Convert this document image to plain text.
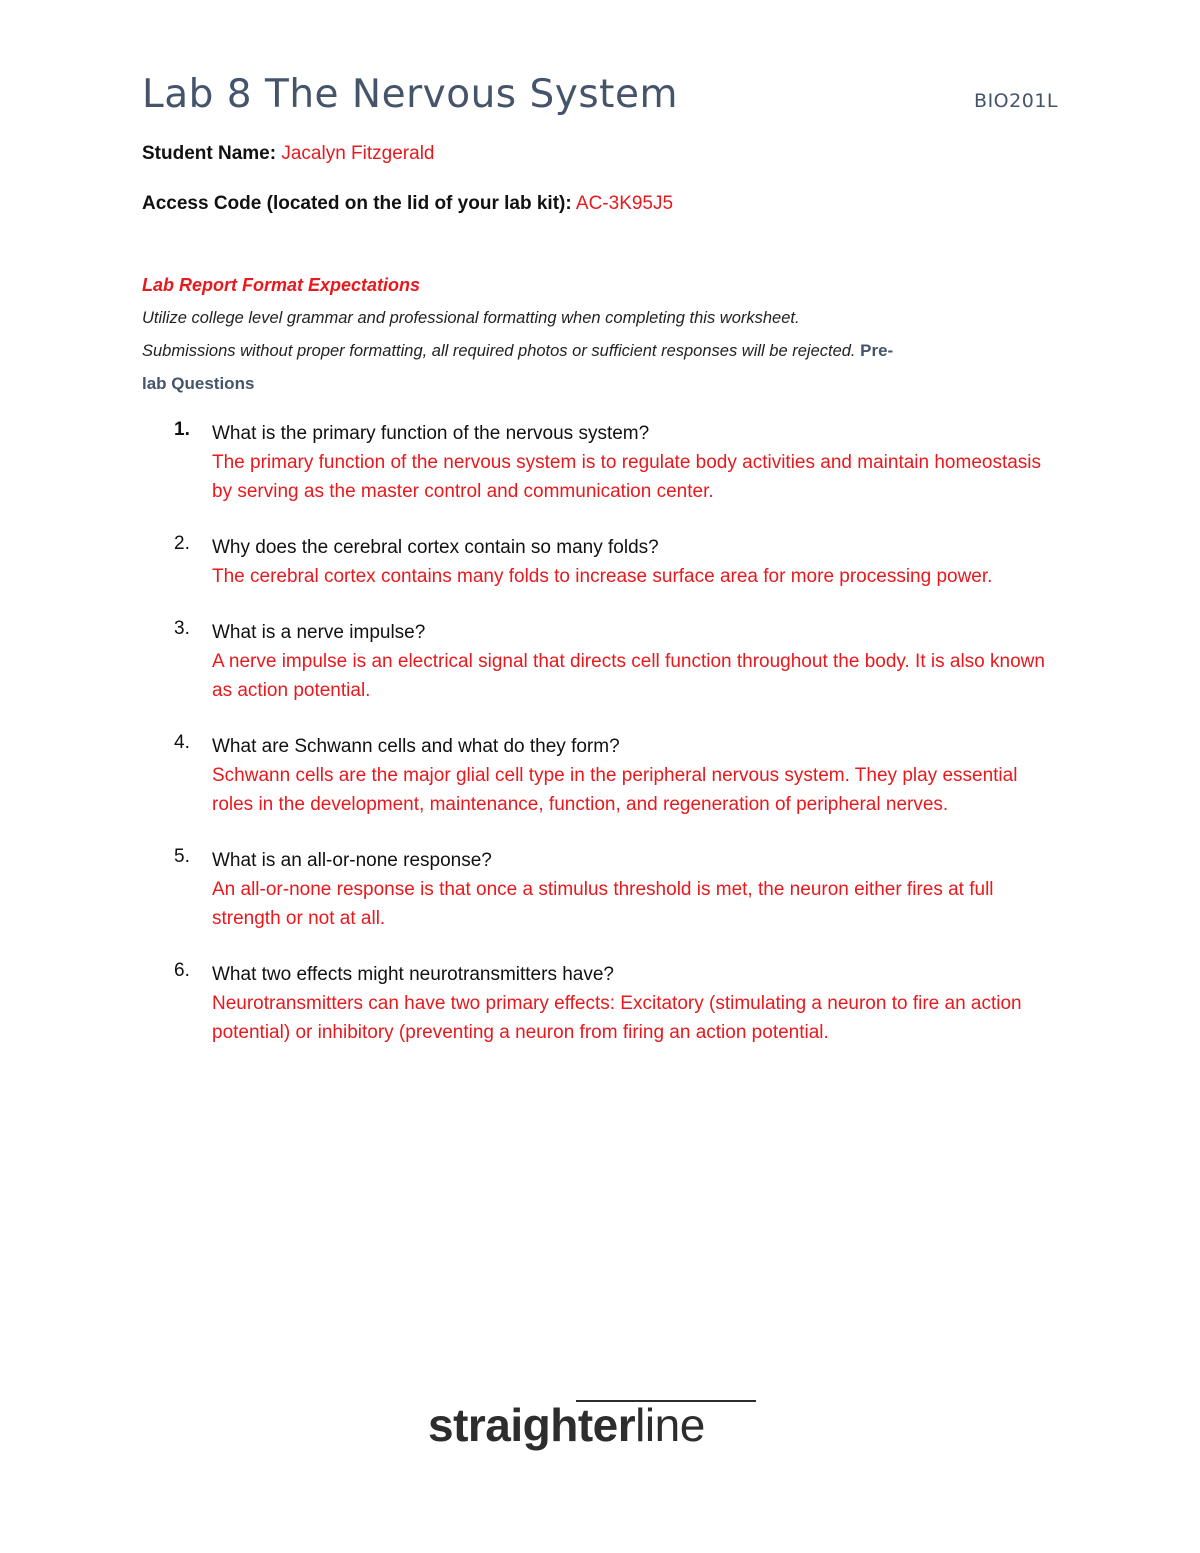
Lab 8 The Nervous System	BIO201L
Student Name: Jacalyn Fitzgerald
Access Code (located on the lid of your lab kit): AC-3K95J5
Lab Report Format Expectations
Utilize college level grammar and professional formatting when completing this worksheet.
Submissions without proper formatting, all required photos or sufficient responses will be rejected. Pre-
lab Questions
1.	What is the primary function of the nervous system?
The primary function of the nervous system is to regulate body activities and maintain homeostasis by serving as the master control and communication center.
2.	Why does the cerebral cortex contain so many folds?
The cerebral cortex contains many folds to increase surface area for more processing power.
3.	What is a nerve impulse?
A nerve impulse is an electrical signal that directs cell function throughout the body. It is also known as action potential.
4.	What are Schwann cells and what do they form?
Schwann cells are the major glial cell type in the peripheral nervous system. They play essential roles in the development, maintenance, function, and regeneration of peripheral nerves.
5.	What is an all-or-none response?
An all-or-none response is that once a stimulus threshold is met, the neuron either fires at full strength or not at all.
6.	What two effects might neurotransmitters have?
Neurotransmitters can have two primary effects: Excitatory (stimulating a neuron to fire an action potential) or inhibitory (preventing a neuron from firing an action potential.
straighterline
